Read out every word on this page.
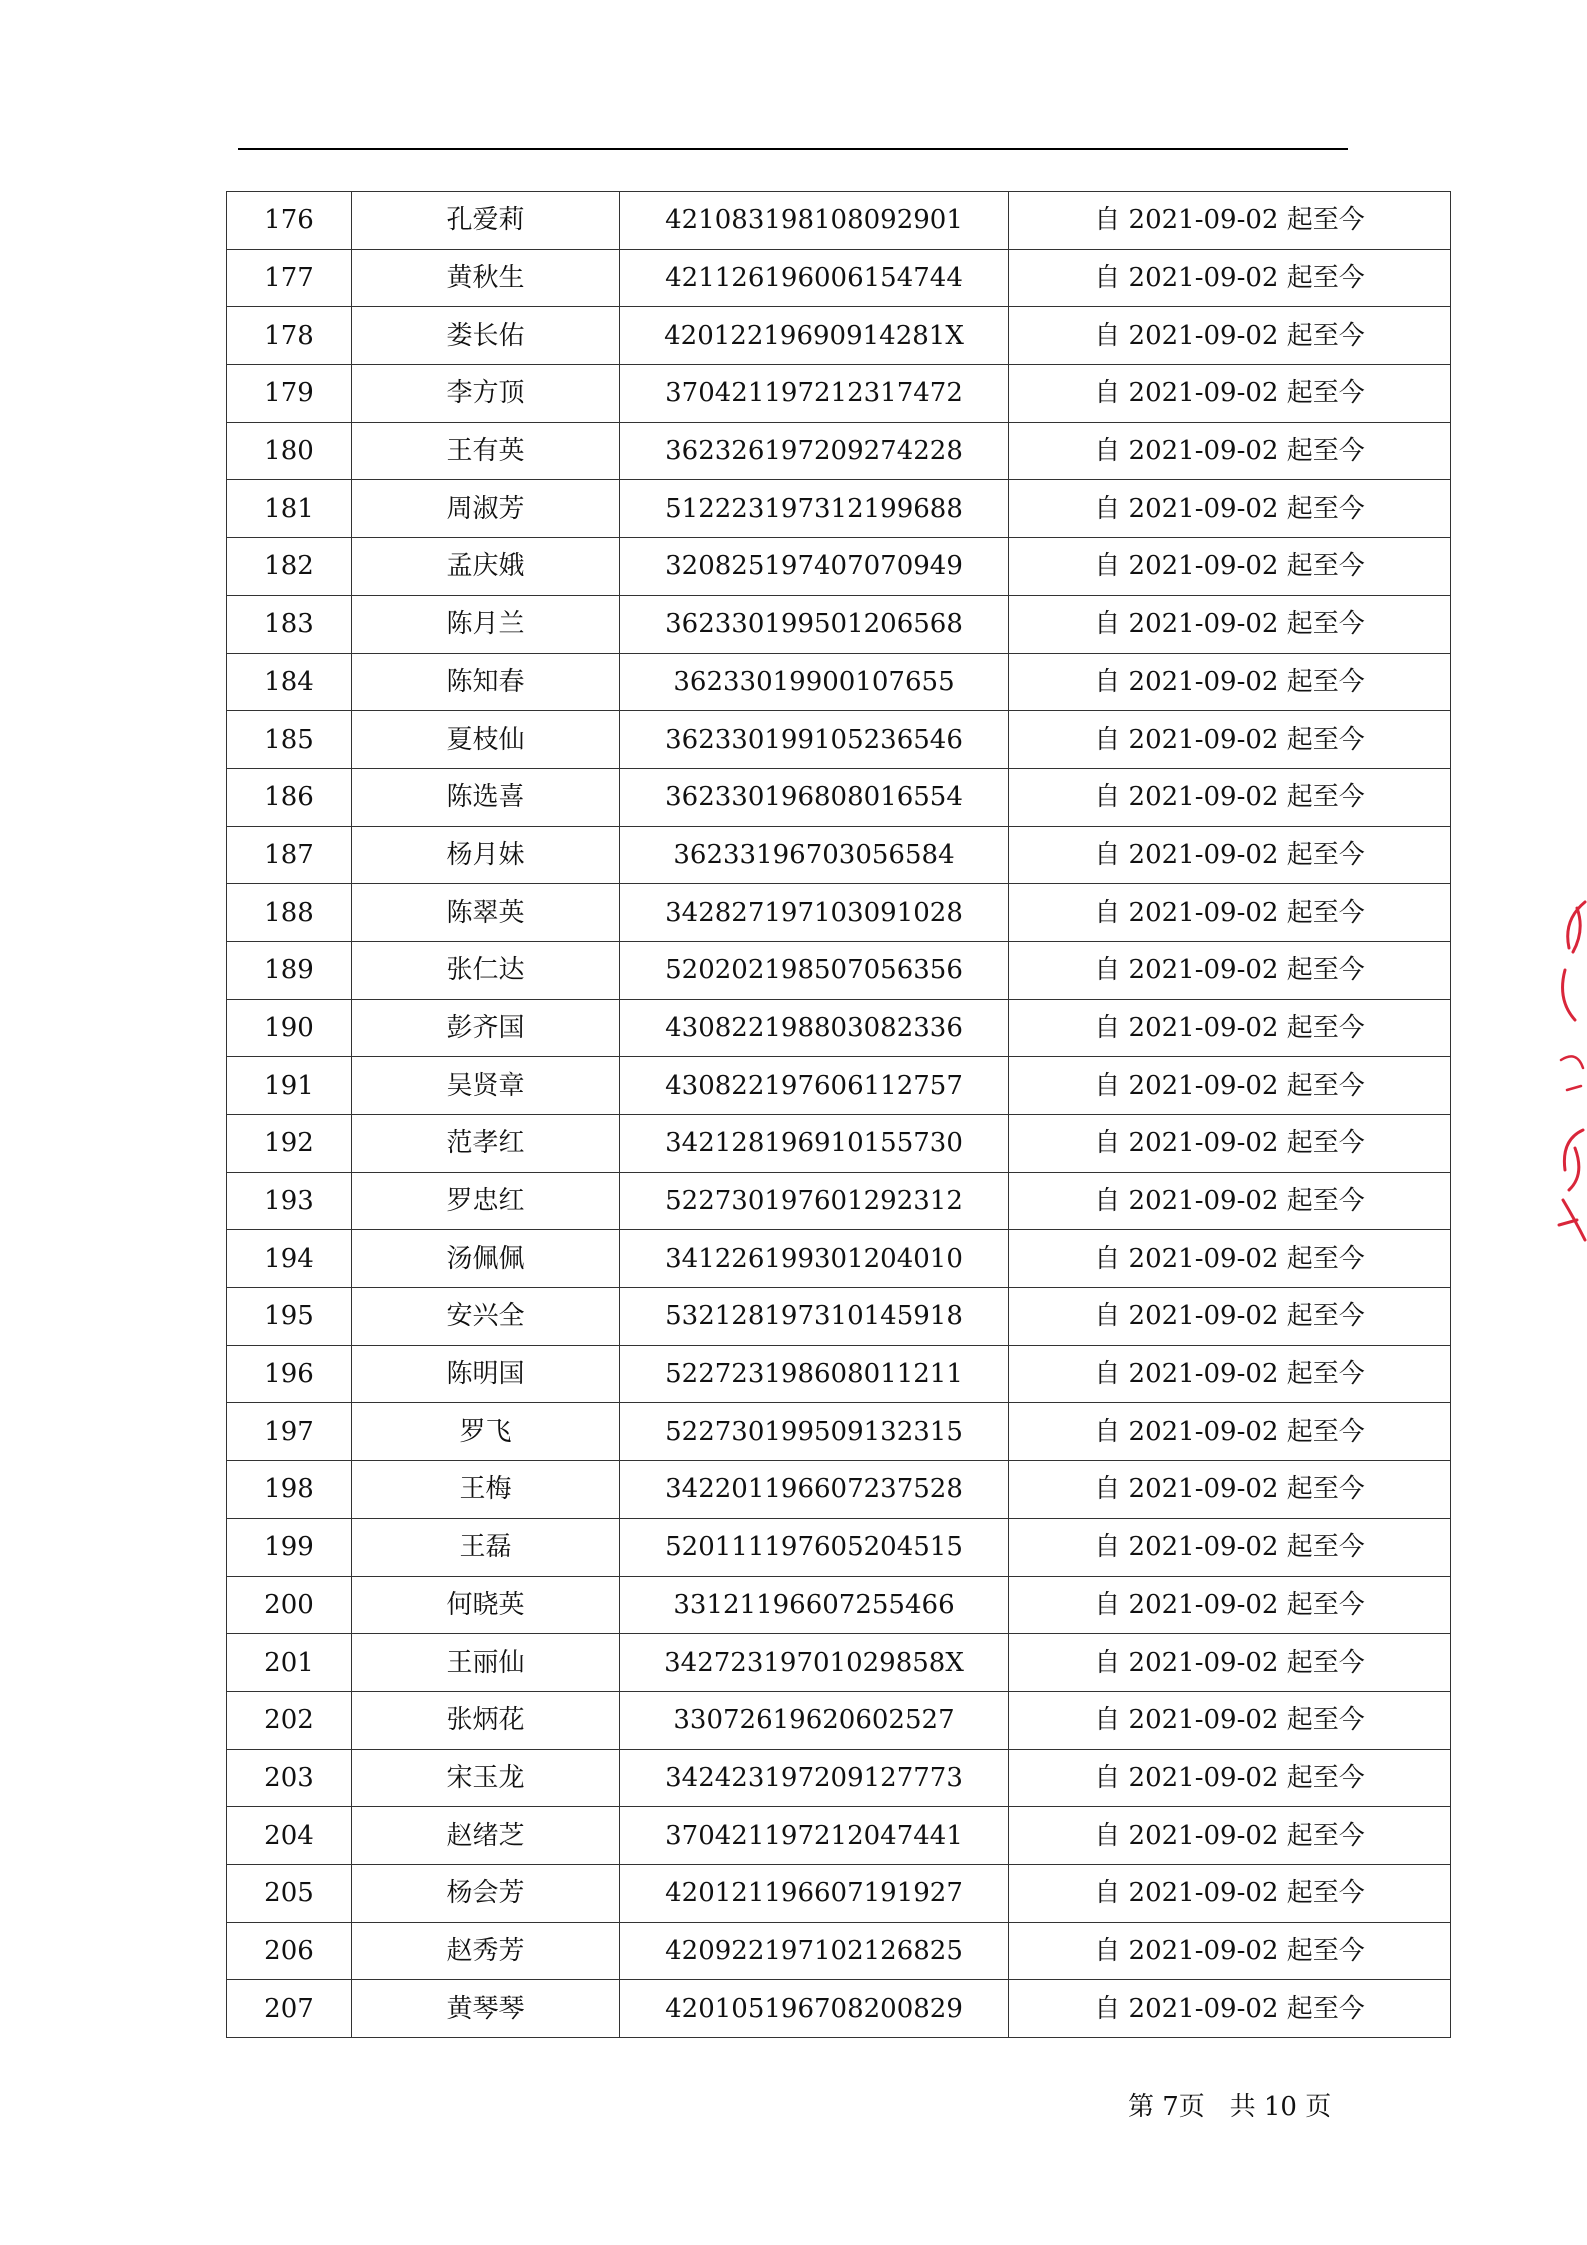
176	孔爱莉	421083198108092901	自 2021-09-02 起至今
177	黄秋生	421126196006154744	自 2021-09-02 起至今
178	娄长佑	42012219690914281X	自 2021-09-02 起至今
179	李方顶	370421197212317472	自 2021-09-02 起至今
180	王有英	362326197209274228	自 2021-09-02 起至今
181	周淑芳	512223197312199688	自 2021-09-02 起至今
182	孟庆娥	320825197407070949	自 2021-09-02 起至今
183	陈月兰	362330199501206568	自 2021-09-02 起至今
184	陈知春	36233019900107655	自 2021-09-02 起至今
185	夏枝仙	362330199105236546	自 2021-09-02 起至今
186	陈选喜	362330196808016554	自 2021-09-02 起至今
187	杨月妹	36233196703056584	自 2021-09-02 起至今
188	陈翠英	342827197103091028	自 2021-09-02 起至今
189	张仁达	520202198507056356	自 2021-09-02 起至今
190	彭齐国	430822198803082336	自 2021-09-02 起至今
191	吴贤章	430822197606112757	自 2021-09-02 起至今
192	范孝红	342128196910155730	自 2021-09-02 起至今
193	罗忠红	522730197601292312	自 2021-09-02 起至今
194	汤佩佩	341226199301204010	自 2021-09-02 起至今
195	安兴全	532128197310145918	自 2021-09-02 起至今
196	陈明国	522723198608011211	自 2021-09-02 起至今
197	罗飞	522730199509132315	自 2021-09-02 起至今
198	王梅	342201196607237528	自 2021-09-02 起至今
199	王磊	520111197605204515	自 2021-09-02 起至今
200	何晓英	33121196607255466	自 2021-09-02 起至今
201	王丽仙	34272319701029858X	自 2021-09-02 起至今
202	张炳花	33072619620602527	自 2021-09-02 起至今
203	宋玉龙	342423197209127773	自 2021-09-02 起至今
204	赵绪芝	370421197212047441	自 2021-09-02 起至今
205	杨会芳	420121196607191927	自 2021-09-02 起至今
206	赵秀芳	420922197102126825	自 2021-09-02 起至今
207	黄琴琴	420105196708200829	自 2021-09-02 起至今
第 7页 共 10 页
